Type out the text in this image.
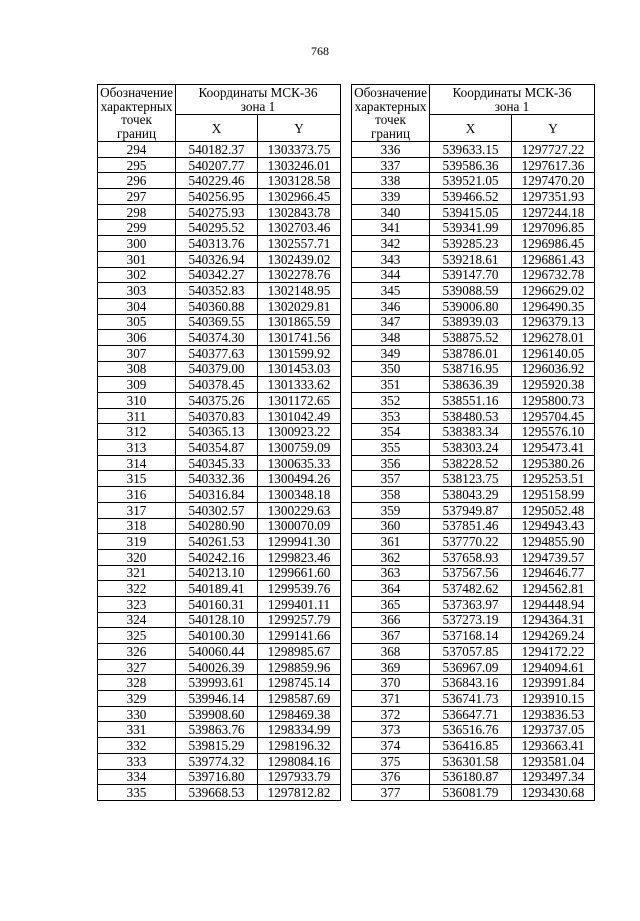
768
Обозначение
характерных
точек
границ	Координаты МСК-36
зона 1	

	X	Y
294	540182.37	1303373.75
295	540207.77	1303246.01
296	540229.46	1303128.58
297	540256.95	1302966.45
298	540275.93	1302843.78
299	540295.52	1302703.46
300	540313.76	1302557.71
301	540326.94	1302439.02
302	540342.27	1302278.76
303	540352.83	1302148.95
304	540360.88	1302029.81
305	540369.55	1301865.59
306	540374.30	1301741.56
307	540377.63	1301599.92
308	540379.00	1301453.03
309	540378.45	1301333.62
310	540375.26	1301172.65
311	540370.83	1301042.49
312	540365.13	1300923.22
313	540354.87	1300759.09
314	540345.33	1300635.33
315	540332.36	1300494.26
316	540316.84	1300348.18
317	540302.57	1300229.63
318	540280.90	1300070.09
319	540261.53	1299941.30
320	540242.16	1299823.46
321	540213.10	1299661.60
322	540189.41	1299539.76
323	540160.31	1299401.11
324	540128.10	1299257.79
325	540100.30	1299141.66
326	540060.44	1298985.67
327	540026.39	1298859.96
328	539993.61	1298745.14
329	539946.14	1298587.69
330	539908.60	1298469.38
331	539863.76	1298334.99
332	539815.29	1298196.32
333	539774.32	1298084.16
334	539716.80	1297933.79
335	539668.53	1297812.82
Обозначение
характерных
точек
границ	Координаты МСК-36
зона 1	

	X	Y
336	539633.15	1297727.22
337	539586.36	1297617.36
338	539521.05	1297470.20
339	539466.52	1297351.93
340	539415.05	1297244.18
341	539341.99	1297096.85
342	539285.23	1296986.45
343	539218.61	1296861.43
344	539147.70	1296732.78
345	539088.59	1296629.02
346	539006.80	1296490.35
347	538939.03	1296379.13
348	538875.52	1296278.01
349	538786.01	1296140.05
350	538716.95	1296036.92
351	538636.39	1295920.38
352	538551.16	1295800.73
353	538480.53	1295704.45
354	538383.34	1295576.10
355	538303.24	1295473.41
356	538228.52	1295380.26
357	538123.75	1295253.51
358	538043.29	1295158.99
359	537949.87	1295052.48
360	537851.46	1294943.43
361	537770.22	1294855.90
362	537658.93	1294739.57
363	537567.56	1294646.77
364	537482.62	1294562.81
365	537363.97	1294448.94
366	537273.19	1294364.31
367	537168.14	1294269.24
368	537057.85	1294172.22
369	536967.09	1294094.61
370	536843.16	1293991.84
371	536741.73	1293910.15
372	536647.71	1293836.53
373	536516.76	1293737.05
374	536416.85	1293663.41
375	536301.58	1293581.04
376	536180.87	1293497.34
377	536081.79	1293430.68
